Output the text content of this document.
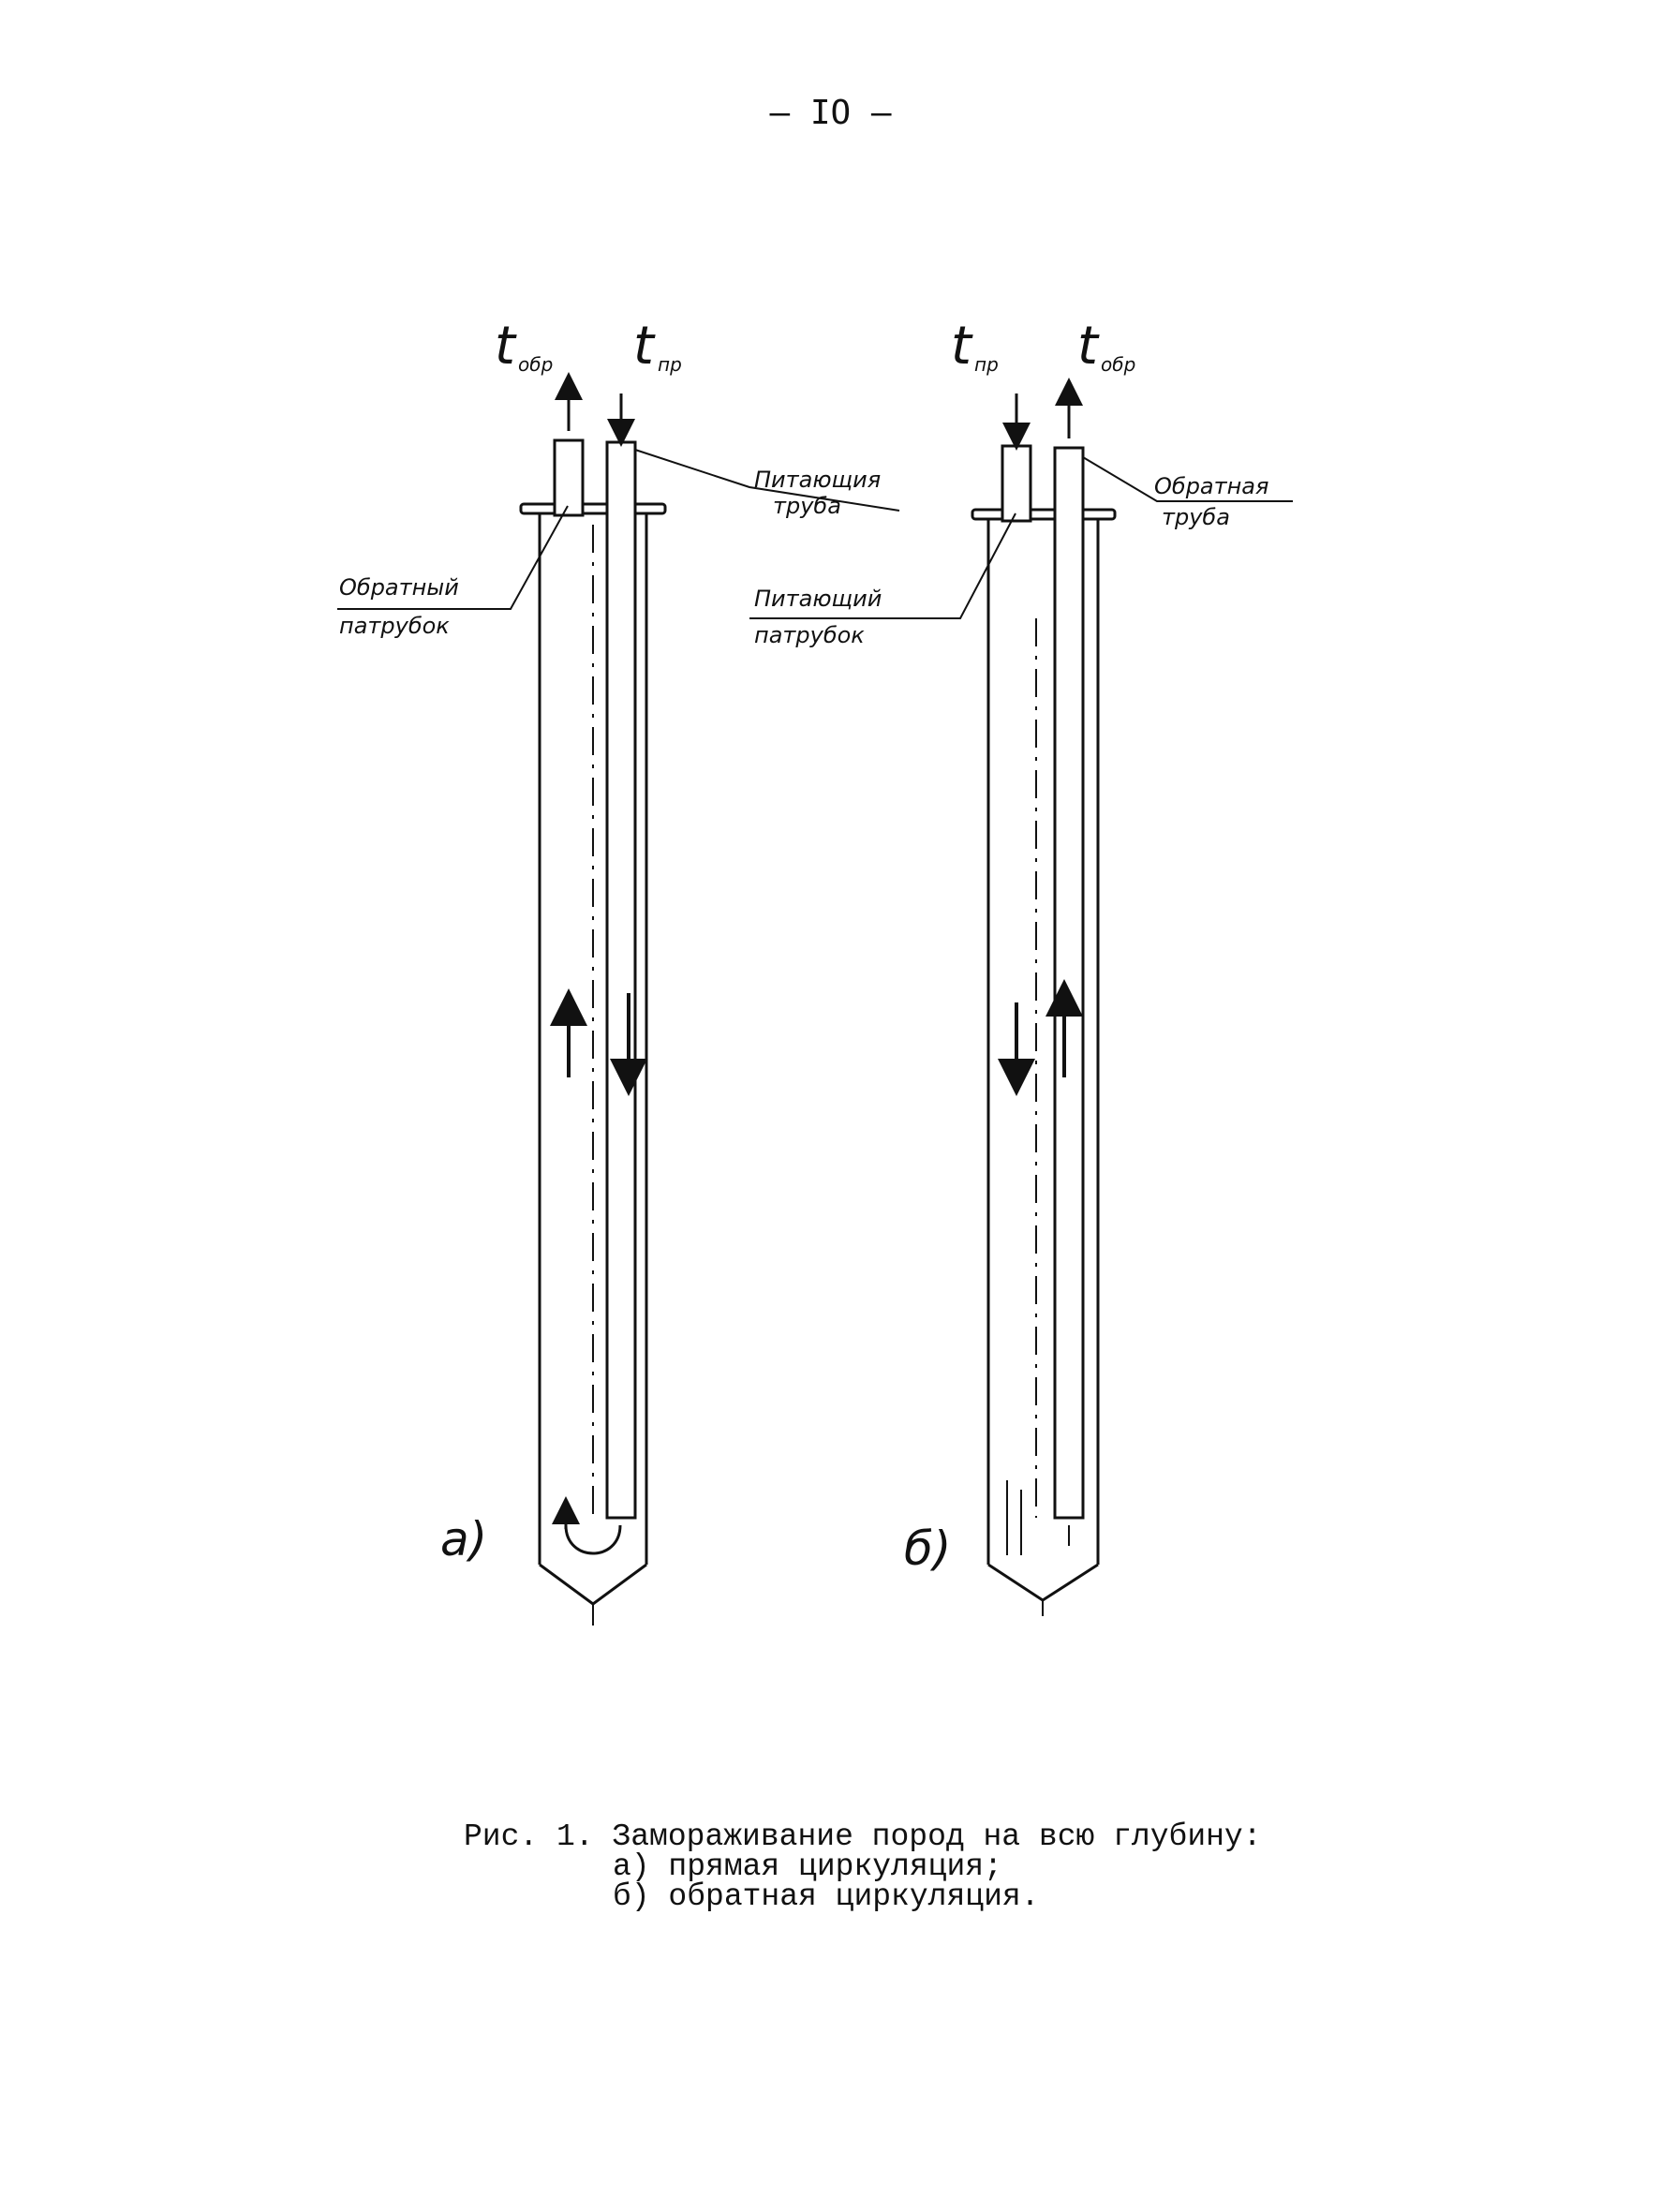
– IO –
t обр t пр
Питающия
труба
Обратный
патрубок
а)
t пр t обр
Обратная
труба
Питающий
патрубок
б)
Рис. 1. Замораживание пород на всю глубину:
а) прямая циркуляция;
б) обратная циркуляция.
